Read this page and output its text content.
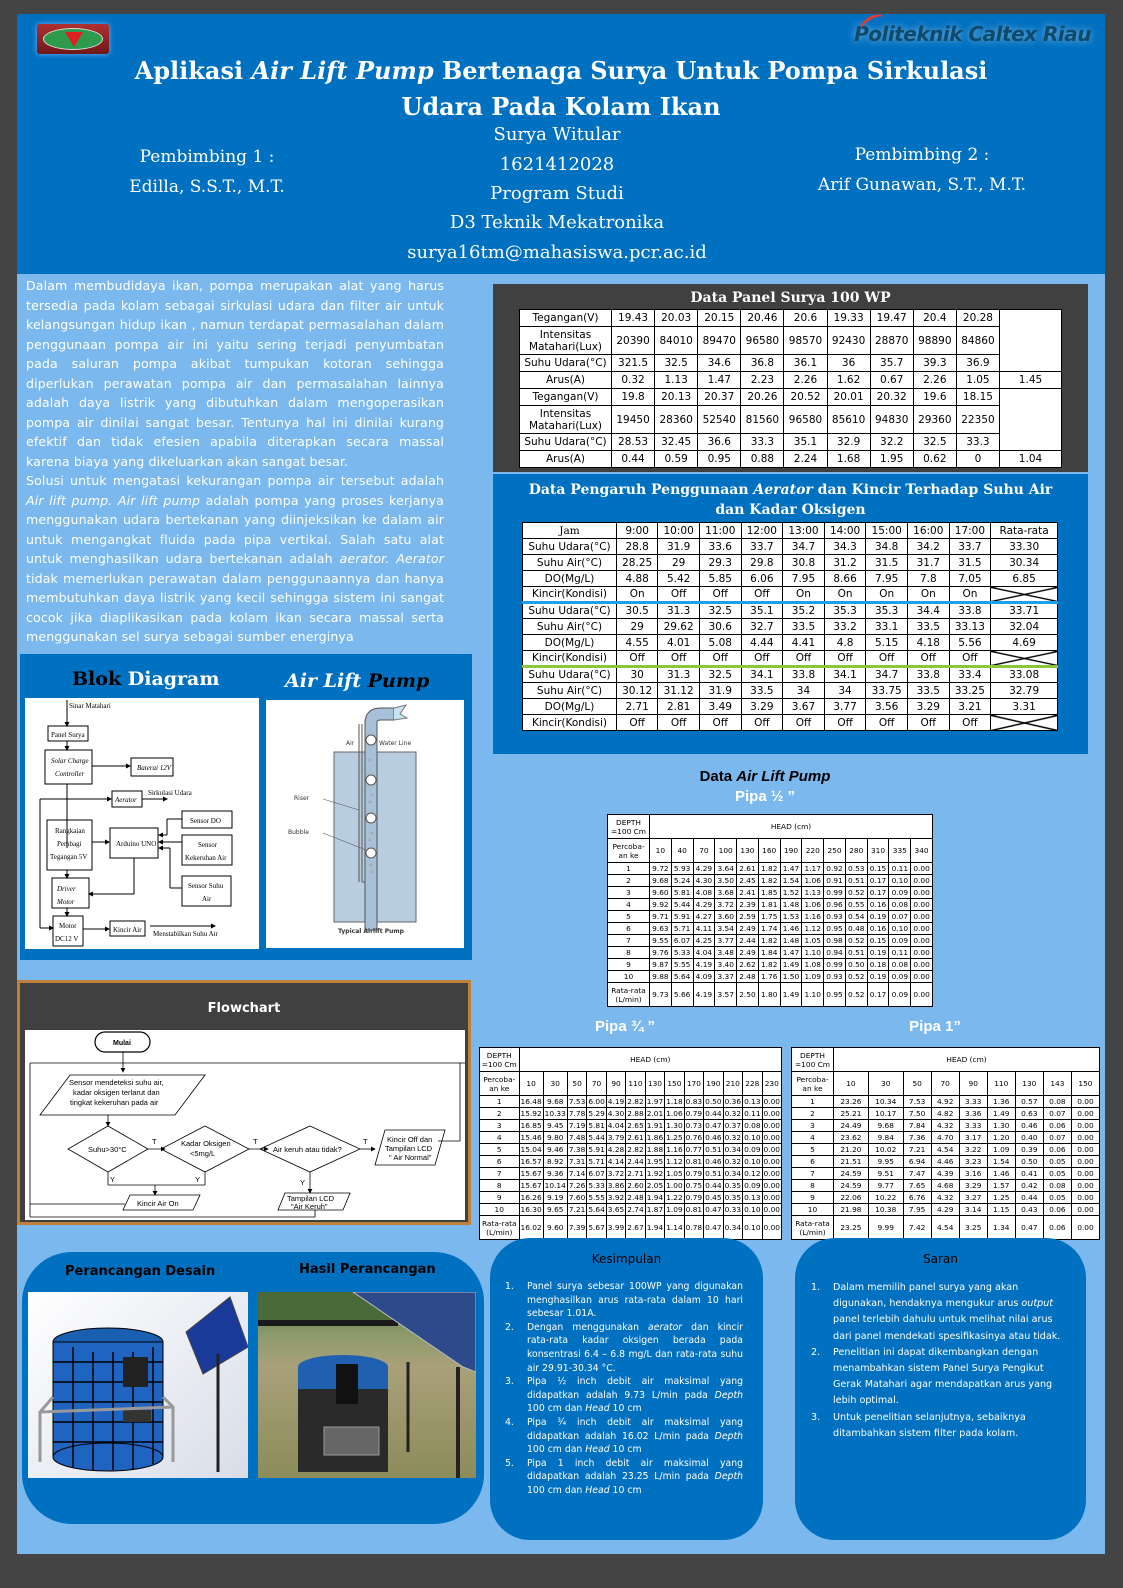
Politeknik Caltex Riau
Aplikasi Air Lift Pump Bertenaga Surya Untuk Pompa Sirkulasi
Udara Pada Kolam Ikan
Surya Witular
1621412028
Program Studi
D3 Teknik Mekatronika
surya16tm@mahasiswa.pcr.ac.id
Pembimbing 1 :
Edilla, S.S.T., M.T.
Pembimbing 2 :
Arif Gunawan, S.T., M.T.

Dalam membudidaya ikan, pompa merupakan alat yang harus tersedia pada kolam sebagai sirkulasi udara dan filter air untuk kelangsungan hidup ikan , namun terdapat permasalahan dalam penggunaan pompa air ini yaitu sering terjadi penyumbatan pada saluran pompa akibat tumpukan kotoran sehingga diperlukan perawatan pompa air dan permasalahan lainnya adalah daya listrik yang dibutuhkan dalam mengoperasikan pompa air dinilai sangat besar. Tentunya hal ini dinilai kurang efektif dan tidak efesien apabila diterapkan secara massal karena biaya yang dikeluarkan akan sangat besar.

Solusi untuk mengatasi kekurangan pompa air tersebut adalah Air lift pump. Air lift pump adalah pompa yang proses kerjanya menggunakan udara bertekanan yang diinjeksikan ke dalam air untuk mengangkat fluida pada pipa vertikal. Salah satu alat untuk menghasilkan udara bertekanan adalah aerator. Aerator tidak memerlukan perawatan dalam penggunaannya dan hanya membutuhkan daya listrik yang kecil sehingga sistem ini sangat cocok jika diaplikasikan pada kolam ikan secara massal serta menggunakan sel surya sebagai sumber energinya

Blok Diagram	Air Lift Pump
Sinar Matahari
Panel Surya
Solar Charge
Controller
Baterai 12V
Aerator
Sirkulasi Udara
Rangkaian
Pembagi
Tegangan 5V
Arduino UNO
Sensor DO
Sensor
Kekeruhan Air
Sensor Suhu
Air
Driver
Motor
Motor
DC12 V
Kincir Air Menstabilkan Suhu Air
Air	Water Line
Riser
Bubble
Typical Airlift Pump
Flowchart
Mulai
Sensor mendeteksi suhu air,
kadar oksigen terlarut dan
tingkat kekeruhan pada air
Suhu>30°C
Kadar Oksigen
<5mg/L	Air keruh atau tidak?
Kincir Off dan
Tampilan LCD
" Air Normal"
Kincir Air On
Tampilan LCD
"Air Keruh"
T	T	T
Y	Y	Y
Perancangan Desain	Hasil Perancangan
Data Panel Surya 100 WP
Tegangan(V)	19.43	20.03	20.15	20.46	20.6	19.33	19.47	20.4	20.28	
Intensitas Matahari(Lux)	20390	84010	89470	96580	98570	92430	28870	98890	84860	
Suhu Udara(°C)	321.5	32.5	34.6	36.8	36.1	36	35.7	39.3	36.9	
Arus(A)	0.32	1.13	1.47	2.23	2.26	1.62	0.67	2.26	1.05	1.45
Tegangan(V)	19.8	20.13	20.37	20.26	20.52	20.01	20.32	19.6	18.15	
Intensitas Matahari(Lux)	19450	28360	52540	81560	96580	85610	94830	29360	22350	
Suhu Udara(°C)	28.53	32.45	36.6	33.3	35.1	32.9	32.2	32.5	33.3	
Arus(A)	0.44	0.59	0.95	0.88	2.24	1.68	1.95	0.62	0	1.04
Data Pengaruh Penggunaan Aerator dan Kincir Terhadap Suhu Air
dan Kadar Oksigen
Jam	9:00	10:00	11:00	12:00	13:00	14:00	15:00	16:00	17:00	Rata-rata
Suhu Udara(°C)	28.8	31.9	33.6	33.7	34.7	34.3	34.8	34.2	33.7	33.30
Suhu Air(°C)	28.25	29	29.3	29.8	30.8	31.2	31.5	31.7	31.5	30.34
DO(Mg/L)	4.88	5.42	5.85	6.06	7.95	8.66	7.95	7.8	7.05	6.85
Kincir(Kondisi)	On	Off	Off	Off	On	On	On	On	On	
Suhu Udara(°C)	30.5	31.3	32.5	35.1	35.2	35.3	35.3	34.4	33.8	33.71
Suhu Air(°C)	29	29.62	30.6	32.7	33.5	33.2	33.1	33.5	33.13	32.04
DO(Mg/L)	4.55	4.01	5.08	4.44	4.41	4.8	5.15	4.18	5.56	4.69
Kincir(Kondisi)	Off	Off	Off	Off	Off	Off	Off	Off	Off	
Suhu Udara(°C)	30	31.3	32.5	34.1	33.8	34.1	34.7	33.8	33.4	33.08
Suhu Air(°C)	30.12	31.12	31.9	33.5	34	34	33.75	33.5	33.25	32.79
DO(Mg/L)	2.71	2.81	3.49	3.29	3.67	3.77	3.56	3.29	3.21	3.31
Kincir(Kondisi)	Off	Off	Off	Off	Off	Off	Off	Off	Off	
Data Air Lift Pump
Pipa ½ ”
DEPTH =100 Cm	HEAD (cm)												
Percoba-an ke	10	40	70	100	130	160	190	220	250	280	310	335	340
1	9.72	5.93	4.29	3.64	2.61	1.82	1.47	1.17	0.92	0.53	0.15	0.11	0.00
2	9.68	5.24	4.30	3.50	2.45	1.82	1.54	1.06	0.91	0.51	0.17	0.10	0.00
3	9.60	5.81	4.08	3.68	2.41	1.85	1.52	1.13	0.99	0.52	0.17	0.09	0.00
4	9.92	5.44	4.29	3.72	2.39	1.81	1.48	1.06	0.96	0.55	0.16	0.08	0.00
5	9.71	5.91	4.27	3.60	2.59	1.75	1.53	1.16	0.93	0.54	0.19	0.07	0.00
6	9.63	5.71	4.11	3.54	2.49	1.74	1.46	1.12	0.95	0.48	0.16	0.10	0.00
7	9.55	6.07	4.25	3.77	2.44	1.82	1.48	1.05	0.98	0.52	0.15	0.09	0.00
8	9.76	5.33	4.04	3.48	2.49	1.84	1.47	1.10	0.94	0.51	0.19	0.11	0.00
9	9.87	5.55	4.19	3.40	2.62	1.82	1.49	1.08	0.99	0.50	0.18	0.08	0.00
10	9.88	5.64	4.09	3.37	2.48	1.76	1.50	1.09	0.93	0.52	0.19	0.09	0.00
Rata-rata (L/min)	9.73	5.66	4.19	3.57	2.50	1.80	1.49	1.10	0.95	0.52	0.17	0.09	0.00
Pipa ¾ ”
DEPTH =100 Cm	HEAD (cm)												
Percoba-an ke	10	30	50	70	90	110	130	150	170	190	210	228	230
1	16.48	9.68	7.53	6.00	4.19	2.82	1.97	1.18	0.83	0.50	0.36	0.13	0.00
2	15.92	10.33	7.78	5.29	4.30	2.88	2.01	1.06	0.79	0.44	0.32	0.11	0.00
3	16.85	9.45	7.19	5.81	4.04	2.65	1.91	1.30	0.73	0.47	0.37	0.08	0.00
4	15.46	9.80	7.48	5.44	3.79	2.61	1.86	1.25	0.76	0.46	0.32	0.10	0.00
5	15.04	9.46	7.38	5.91	4.28	2.82	1.88	1.16	0.77	0.51	0.34	0.09	0.00
6	16.57	8.92	7.31	5.71	4.14	2.44	1.95	1.12	0.81	0.46	0.32	0.10	0.00
7	15.67	9.36	7.14	6.07	3.72	2.71	1.92	1.05	0.79	0.51	0.34	0.12	0.00
8	15.67	10.14	7.26	5.33	3.86	2.60	2.05	1.00	0.75	0.44	0.35	0.09	0.00
9	16.26	9.19	7.60	5.55	3.92	2.48	1.94	1.22	0.79	0.45	0.35	0.13	0.00
10	16.30	9.65	7.21	5.64	3.65	2.74	1.87	1.09	0.81	0.47	0.33	0.10	0.00
Rata-rata (L/min)	16.02	9.60	7.39	5.67	3.99	2.67	1.94	1.14	0.78	0.47	0.34	0.10	0.00
Pipa 1”
DEPTH =100 Cm	HEAD (cm)								
Percoba-an ke	10	30	50	70	90	110	130	143	150
1	23.26	10.34	7.53	4.92	3.33	1.36	0.57	0.08	0.00
2	25.21	10.17	7.50	4.82	3.36	1.49	0.63	0.07	0.00
3	24.49	9.68	7.84	4.32	3.33	1.30	0.46	0.06	0.00
4	23.62	9.84	7.36	4.70	3.17	1.20	0.40	0.07	0.00
5	21.20	10.02	7.21	4.54	3.22	1.09	0.39	0.06	0.00
6	21.51	9.95	6.94	4.46	3.23	1.54	0.50	0.05	0.00
7	24.59	9.51	7.47	4.39	3.16	1.46	0.41	0.05	0.00
8	24.59	9.77	7.65	4.68	3.29	1.57	0.42	0.08	0.00
9	22.06	10.22	6.76	4.32	3.27	1.25	0.44	0.05	0.00
10	21.98	10.38	7.95	4.29	3.14	1.15	0.43	0.06	0.00
Rata-rata (L/min)	23.25	9.99	7.42	4.54	3.25	1.34	0.47	0.06	0.00
Kesimpulan
1.	Panel surya sebesar 100WP yang digunakan menghasilkan arus rata-rata dalam 10 hari sebesar 1.01A.
2.	Dengan menggunakan aerator dan kincir rata-rata kadar oksigen berada pada konsentrasi 6.4 – 6.8 mg/L dan rata-rata suhu air 29.91-30.34 °C.
3.	Pipa ½ inch debit air maksimal yang didapatkan adalah 9.73 L/min pada Depth 100 cm dan Head 10 cm
4.	Pipa ¾ inch debit air maksimal yang didapatkan adalah 16.02 L/min pada Depth 100 cm dan Head 10 cm
5.	Pipa 1 inch debit air maksimal yang didapatkan adalah 23.25 L/min pada Depth 100 cm dan Head 10 cm
Saran
1.	Dalam memilih panel surya yang akan digunakan, hendaknya mengukur arus output panel terlebih dahulu untuk melihat nilai arus dari panel mendekati spesifikasinya atau tidak.
2.	Penelitian ini dapat dikembangkan dengan menambahkan sistem Panel Surya Pengikut Gerak Matahari agar mendapatkan arus yang lebih optimal.
3.	Untuk penelitian selanjutnya, sebaiknya ditambahkan sistem filter pada kolam.
